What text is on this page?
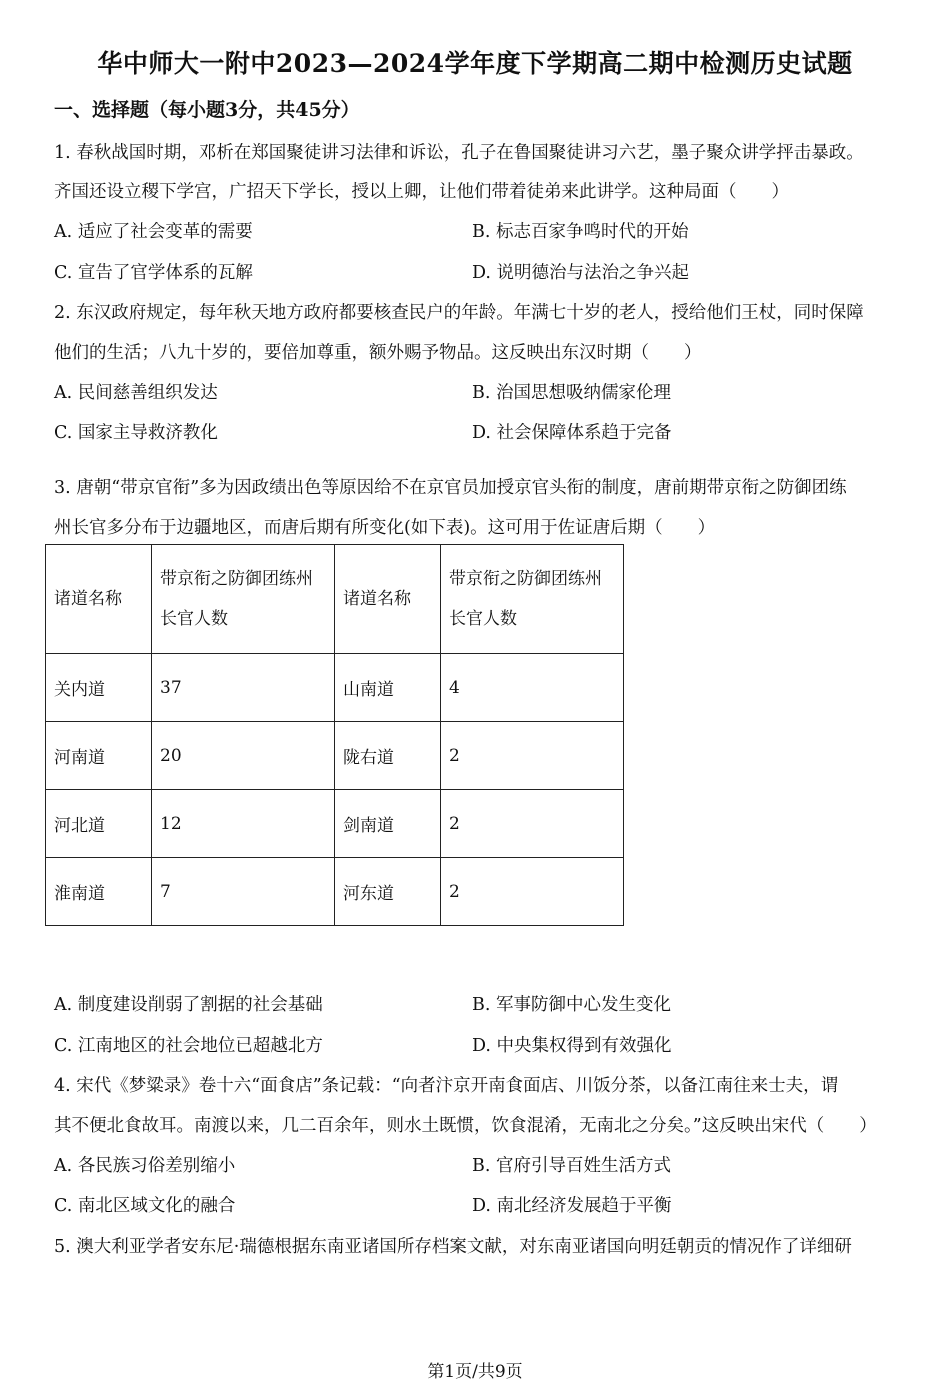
华中师大一附中2023—2024学年度下学期高二期中检测历史试题
一、选择题（每小题3分，共45分）
1. 春秋战国时期，邓析在郑国聚徒讲习法律和诉讼，孔子在鲁国聚徒讲习六艺，墨子聚众讲学抨击暴政。
齐国还设立稷下学宫，广招天下学长，授以上卿，让他们带着徒弟来此讲学。这种局面（　　）
A. 适应了社会变革的需要	B. 标志百家争鸣时代的开始
C. 宣告了官学体系的瓦解	D. 说明德治与法治之争兴起
2. 东汉政府规定，每年秋天地方政府都要核查民户的年龄。年满七十岁的老人，授给他们王杖，同时保障
他们的生活；八九十岁的，要倍加尊重，额外赐予物品。这反映出东汉时期（　　）
A. 民间慈善组织发达	B. 治国思想吸纳儒家伦理
C. 国家主导救济教化	D. 社会保障体系趋于完备
3. 唐朝“带京官衔”多为因政绩出色等原因给不在京官员加授京官头衔的制度，唐前期带京衔之防御团练
州长官多分布于边疆地区，而唐后期有所变化(如下表)。这可用于佐证唐后期（　　）
诸道名称	带京衔之防御团练州长官人数	诸道名称	带京衔之防御团练州长官人数
关内道	37	山南道	4
河南道	20	陇右道	2
河北道	12	剑南道	2
淮南道	7	河东道	2
A. 制度建设削弱了割据的社会基础	B. 军事防御中心发生变化
C. 江南地区的社会地位已超越北方	D. 中央集权得到有效强化
4. 宋代《梦粱录》卷十六“面食店”条记载：“向者汴京开南食面店、川饭分茶，以备江南往来士夫，谓
其不便北食故耳。南渡以来，几二百余年，则水土既惯，饮食混淆，无南北之分矣。”这反映出宋代（　　）
A. 各民族习俗差别缩小	B. 官府引导百姓生活方式
C. 南北区域文化的融合	D. 南北经济发展趋于平衡
5. 澳大利亚学者安东尼·瑞德根据东南亚诸国所存档案文献，对东南亚诸国向明廷朝贡的情况作了详细研
第1页/共9页
